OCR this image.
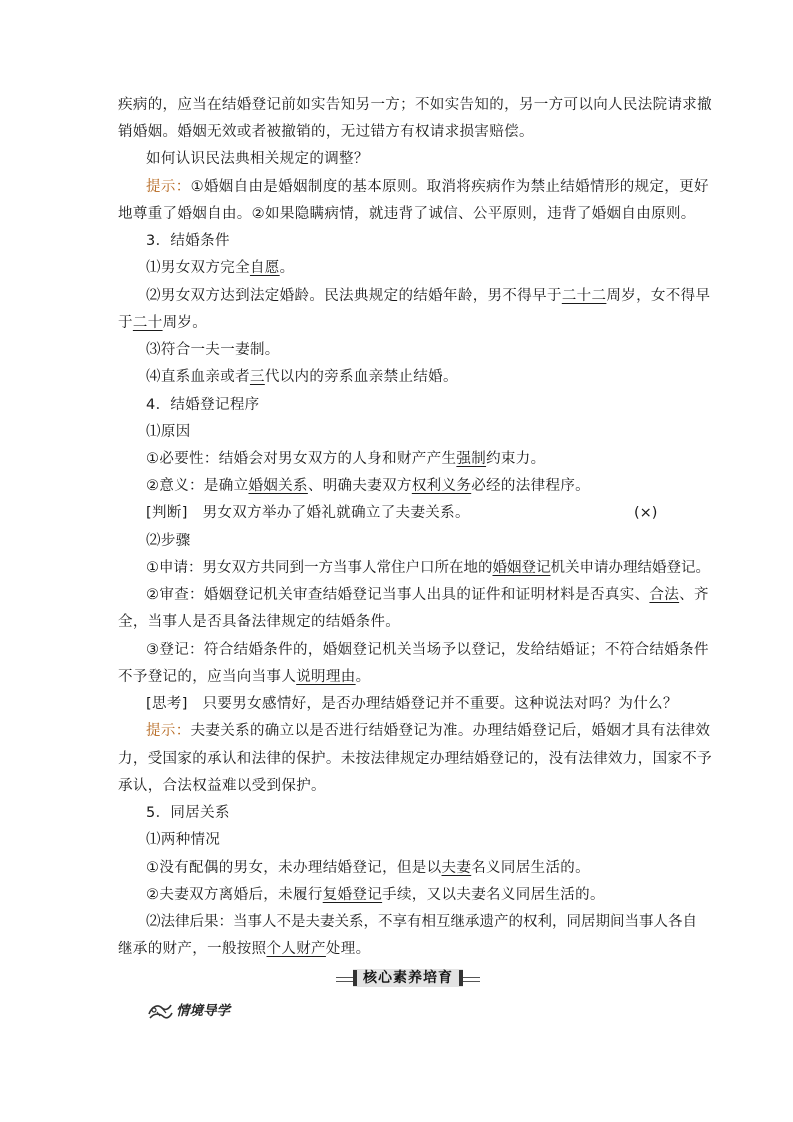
疾病的，应当在结婚登记前如实告知另一方；不如实告知的，另一方可以向人民法院请求撤
销婚姻。婚姻无效或者被撤销的，无过错方有权请求损害赔偿。
如何认识民法典相关规定的调整？
提示：①婚姻自由是婚姻制度的基本原则。取消将疾病作为禁止结婚情形的规定，更好
地尊重了婚姻自由。②如果隐瞒病情，就违背了诚信、公平原则，违背了婚姻自由原则。
3．结婚条件
⑴男女双方完全自愿。
⑵男女双方达到法定婚龄。民法典规定的结婚年龄，男不得早于二十二周岁，女不得早
于二十周岁。
⑶符合一夫一妻制。
⑷直系血亲或者三代以内的旁系血亲禁止结婚。
4．结婚登记程序
⑴原因
①必要性：结婚会对男女双方的人身和财产产生强制约束力。
②意义：是确立婚姻关系、明确夫妻双方权利义务必经的法律程序。
[判断]　男女双方举办了婚礼就确立了夫妻关系。	(×)
⑵步骤
①申请：男女双方共同到一方当事人常住户口所在地的婚姻登记机关申请办理结婚登记。
②审查：婚姻登记机关审查结婚登记当事人出具的证件和证明材料是否真实、合法、齐
全，当事人是否具备法律规定的结婚条件。
③登记：符合结婚条件的，婚姻登记机关当场予以登记，发给结婚证；不符合结婚条件
不予登记的，应当向当事人说明理由。
[思考]　只要男女感情好，是否办理结婚登记并不重要。这种说法对吗？为什么？
提示：夫妻关系的确立以是否进行结婚登记为准。办理结婚登记后，婚姻才具有法律效
力，受国家的承认和法律的保护。未按法律规定办理结婚登记的，没有法律效力，国家不予
承认，合法权益难以受到保护。
5．同居关系
⑴两种情况
①没有配偶的男女，未办理结婚登记，但是以夫妻名义同居生活的。
②夫妻双方离婚后，未履行复婚登记手续，又以夫妻名义同居生活的。
⑵法律后果：当事人不是夫妻关系，不享有相互继承遗产的权利，同居期间当事人各自
继承的财产，一般按照个人财产处理。
核心素养培育
情境导学
